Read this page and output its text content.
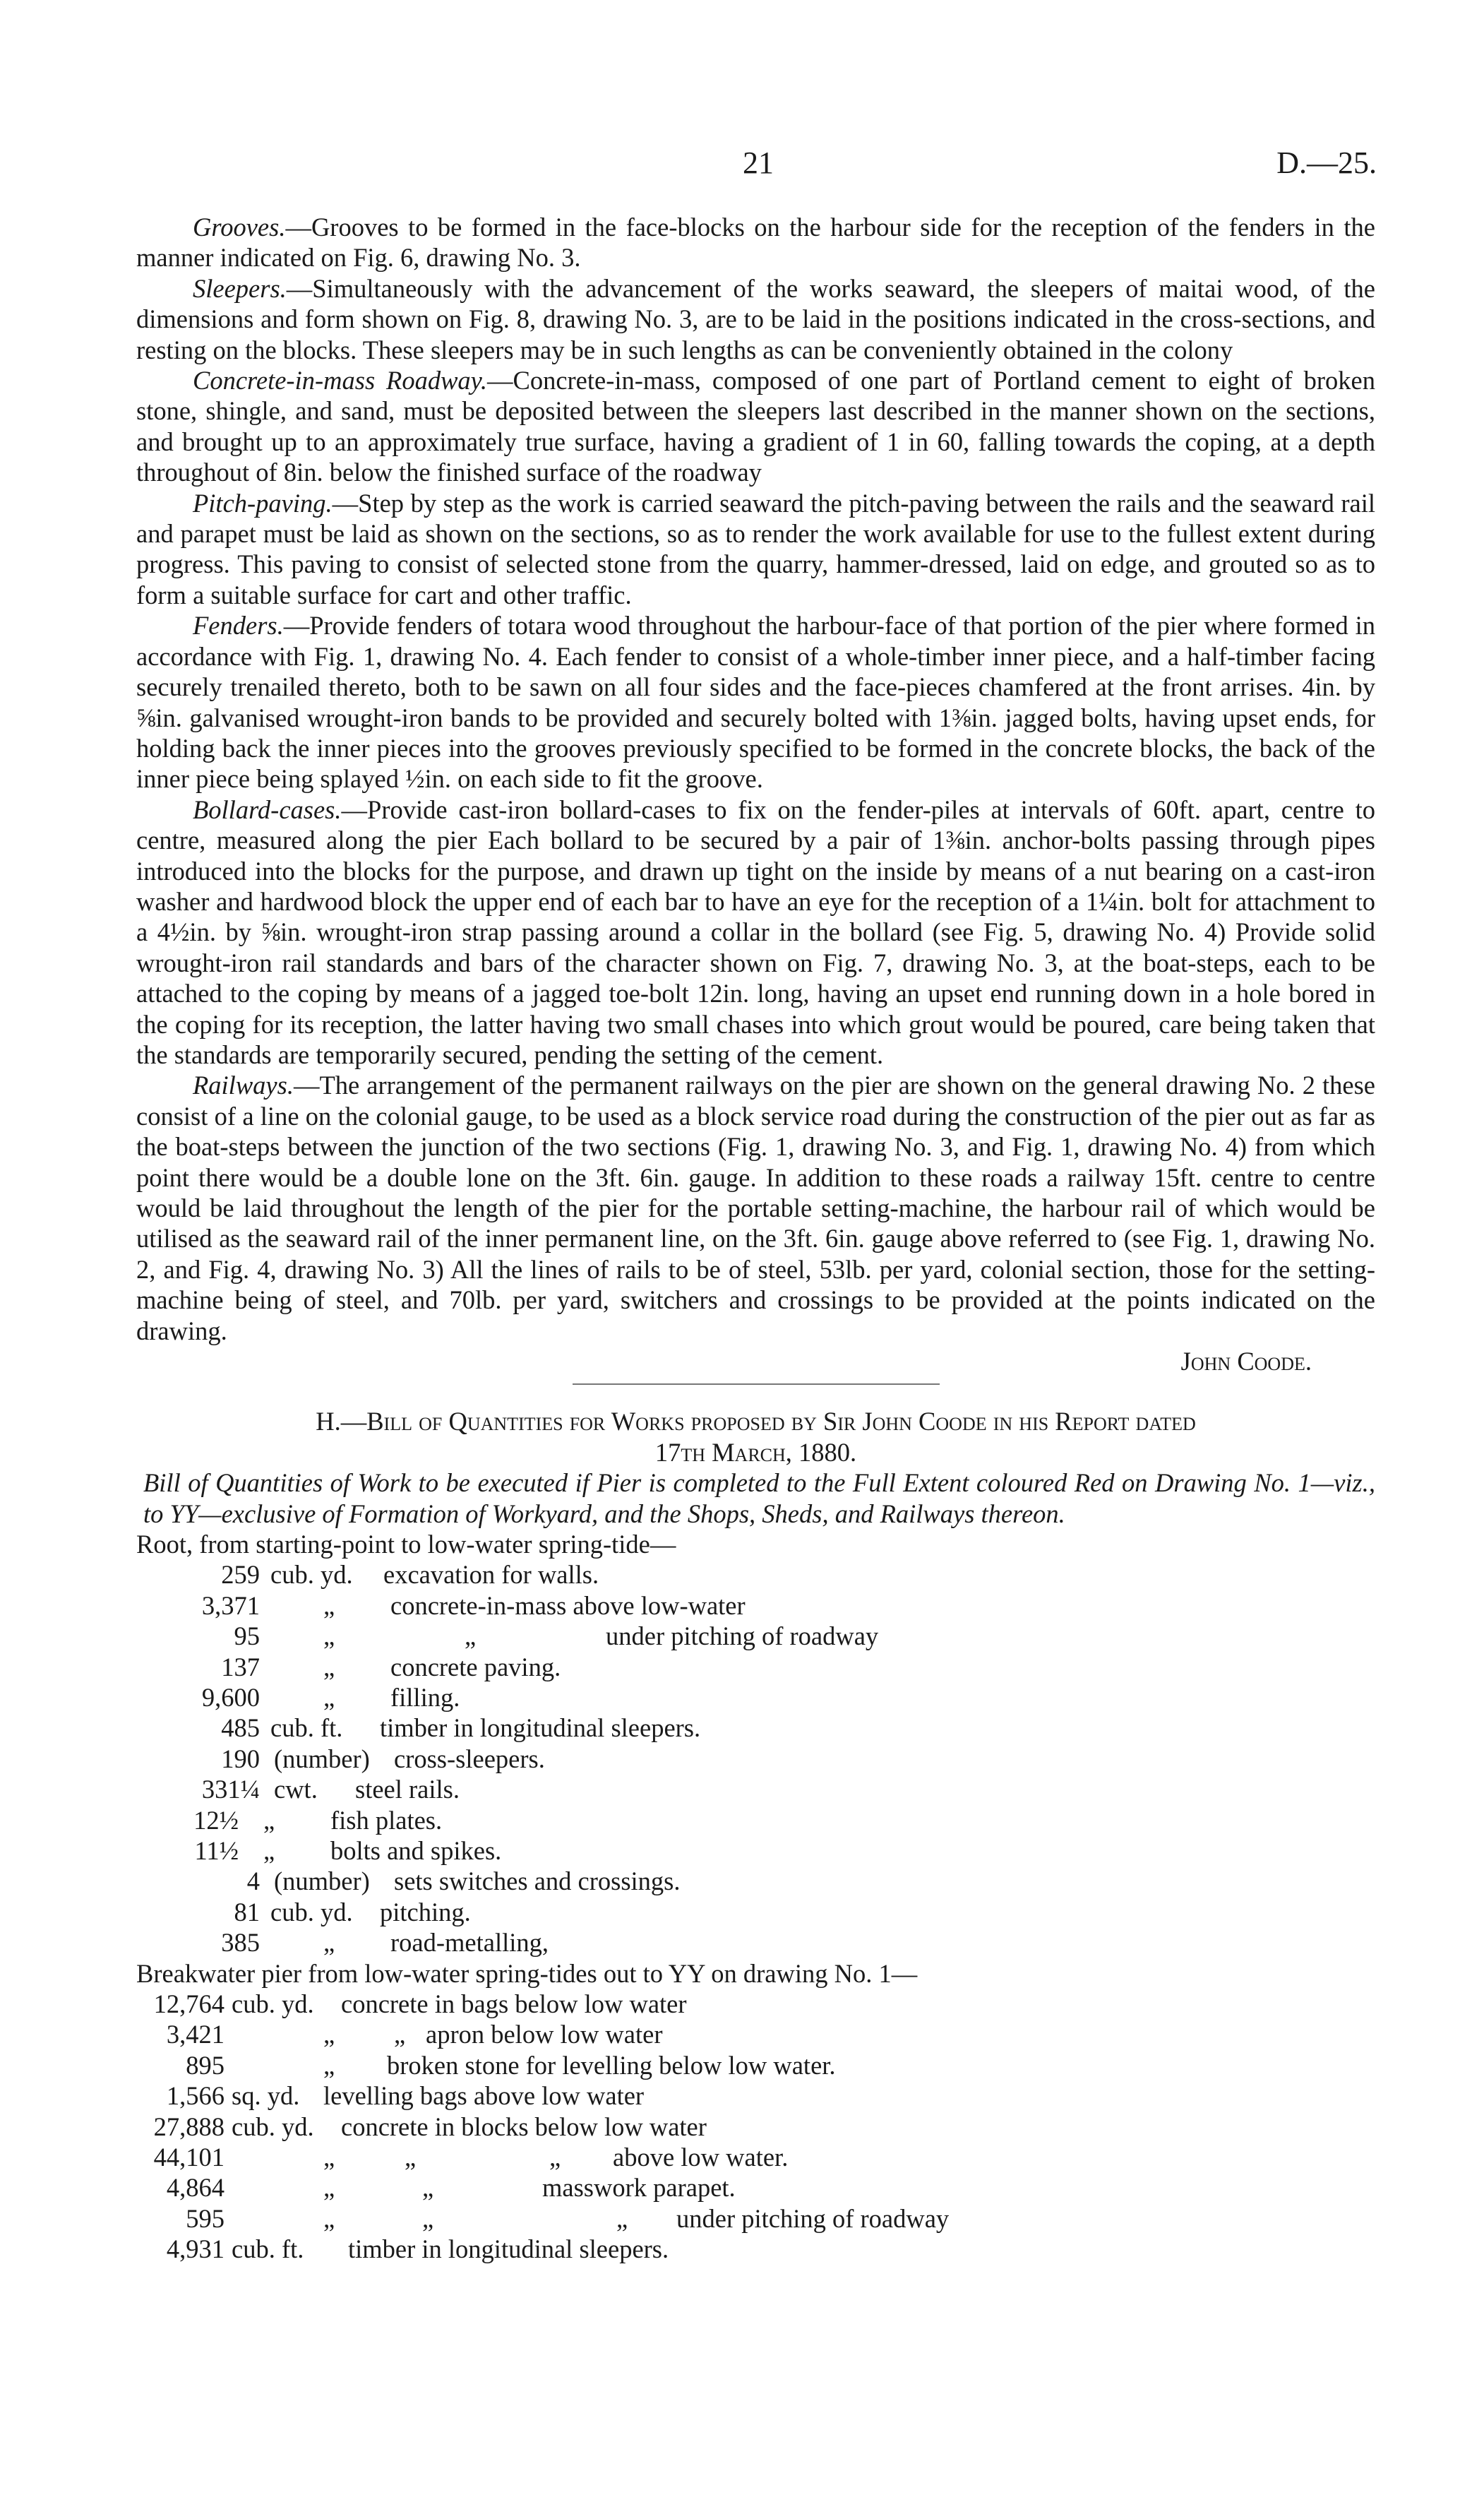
21	D.—25.

Grooves.—Grooves to be formed in the face-blocks on the harbour side for the reception of the fenders in the manner indicated on Fig. 6, drawing No. 3.

Sleepers.—Simultaneously with the advancement of the works seaward, the sleepers of maitai wood, of the dimensions and form shown on Fig. 8, drawing No. 3, are to be laid in the positions indicated in the cross-sections, and resting on the blocks. These sleepers may be in such lengths as can be conveniently obtained in the colony

Concrete-in-mass Roadway.—Concrete-in-mass, composed of one part of Portland cement to eight of broken stone, shingle, and sand, must be deposited between the sleepers last described in the manner shown on the sections, and brought up to an approximately true surface, having a gradient of 1 in 60, falling towards the coping, at a depth throughout of 8in. below the finished surface of the roadway

Pitch-paving.—Step by step as the work is carried seaward the pitch-paving between the rails and the seaward rail and parapet must be laid as shown on the sections, so as to render the work available for use to the fullest extent during progress. This paving to consist of selected stone from the quarry, hammer-dressed, laid on edge, and grouted so as to form a suitable surface for cart and other traffic.

Fenders.—Provide fenders of totara wood throughout the harbour-face of that portion of the pier where formed in accordance with Fig. 1, drawing No. 4. Each fender to consist of a whole-timber inner piece, and a half-timber facing securely trenailed thereto, both to be sawn on all four sides and the face-pieces chamfered at the front arrises. 4in. by ⅝in. galvanised wrought-iron bands to be provided and securely bolted with 1⅜in. jagged bolts, having upset ends, for holding back the inner pieces into the grooves previously specified to be formed in the concrete blocks, the back of the inner piece being splayed ½in. on each side to fit the groove.

Bollard-cases.—Provide cast-iron bollard-cases to fix on the fender-piles at intervals of 60ft. apart, centre to centre, measured along the pier Each bollard to be secured by a pair of 1⅜in. anchor-bolts passing through pipes introduced into the blocks for the purpose, and drawn up tight on the inside by means of a nut bearing on a cast-iron washer and hardwood block the upper end of each bar to have an eye for the reception of a 1¼in. bolt for attachment to a 4½in. by ⅝in. wrought-iron strap passing around a collar in the bollard (see Fig. 5, drawing No. 4) Provide solid wrought-iron rail standards and bars of the character shown on Fig. 7, drawing No. 3, at the boat-steps, each to be attached to the coping by means of a jagged toe-bolt 12in. long, having an upset end running down in a hole bored in the coping for its reception, the latter having two small chases into which grout would be poured, care being taken that the standards are temporarily secured, pending the setting of the cement.

Railways.—The arrangement of the permanent railways on the pier are shown on the general drawing No. 2 these consist of a line on the colonial gauge, to be used as a block service road during the construction of the pier out as far as the boat-steps between the junction of the two sections (Fig. 1, drawing No. 3, and Fig. 1, drawing No. 4) from which point there would be a double lone on the 3ft. 6in. gauge. In addition to these roads a railway 15ft. centre to centre would be laid throughout the length of the pier for the portable setting-machine, the harbour rail of which would be utilised as the seaward rail of the inner permanent line, on the 3ft. 6in. gauge above referred to (see Fig. 1, drawing No. 2, and Fig. 4, drawing No. 3) All the lines of rails to be of steel, 53lb. per yard, colonial section, those for the setting-machine being of steel, and 70lb. per yard, switchers and crossings to be provided at the points indicated on the drawing.

John Coode.

H.—Bill of Quantities for Works proposed by Sir John Coode in his Report dated

17th March, 1880.

Bill of Quantities of Work to be executed if Pier is completed to the Full Extent coloured Red on Drawing No. 1—viz., to YY—exclusive of Formation of Workyard, and the Shops, Sheds, and Railways thereon.

Root, from starting-point to low-water spring-tide—

259 cub. yd. excavation for walls.
3,371 „ concrete-in-mass above low-water
95 „	„	under pitching of roadway
137 „ concrete paving.
9,600 „ filling.
485 cub. ft. timber in longitudinal sleepers.
190 (number) cross-sleepers.
331¼ cwt. steel rails.
12½ „ fish plates.
11½ „ bolts and spikes.
4 (number) sets switches and crossings.
81 cub. yd. pitching.
385 „ road-metalling,

Breakwater pier from low-water spring-tides out to YY on drawing No. 1—

12,764 cub. yd. concrete in bags below low water
3,421	„ „ apron below low water
895	„ broken stone for levelling below low water.
1,566 sq. yd. levelling bags above low water
27,888 cub. yd. concrete in blocks below low water
44,101	„	„	„ above low water.
4,864	„	„	masswork parapet.
595	„	„	„ under pitching of roadway
4,931 cub. ft. timber in longitudinal sleepers.
